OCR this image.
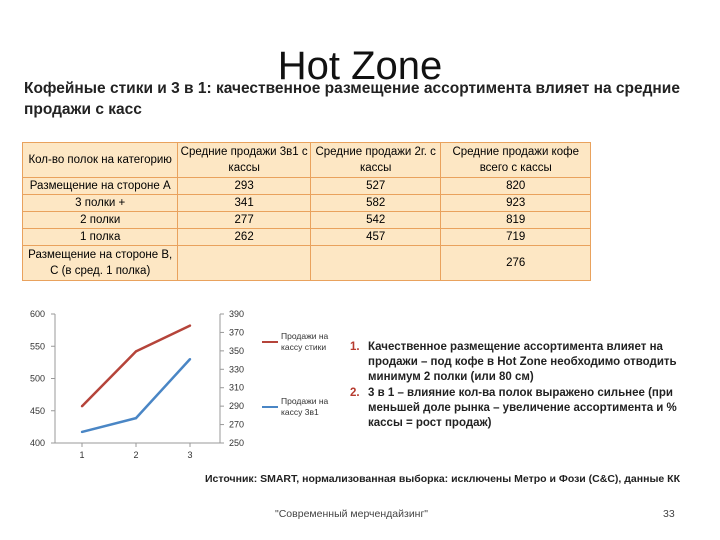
Hot Zone

Кофейные стики и 3 в 1: качественное размещение ассортимента влияет на средние продажи с касс

Кол-во полок на категорию	Средние продажи 3в1 с кассы	Средние продажи 2г. с кассы	Средние продажи кофе всего с кассы
Размещение на стороне А	293	527	820
3 полки +	341	582	923
2 полки	277	542	819
1 полка	262	457	719
Размещение на стороне B, С (в сред. 1 полка)			276
400
450
500
550
600
1	2	3
250
270
290
310
330
350
370
390
Продажи на кассу стики
Продажи на кассу 3в1
1. Качественное размещение ассортимента влияет на продажи – под кофе в Hot Zone необходимо отводить минимум 2 полки (или 80 см)
2. 3 в 1 – влияние кол-ва полок выражено сильнее (при меньшей доле рынка – увеличение ассортимента и % кассы = рост продаж)
Источник: SMART, нормализованная выборка: исключены Метро и Фози (C&C), данные КК
"Современный мерчендайзинг"	33
